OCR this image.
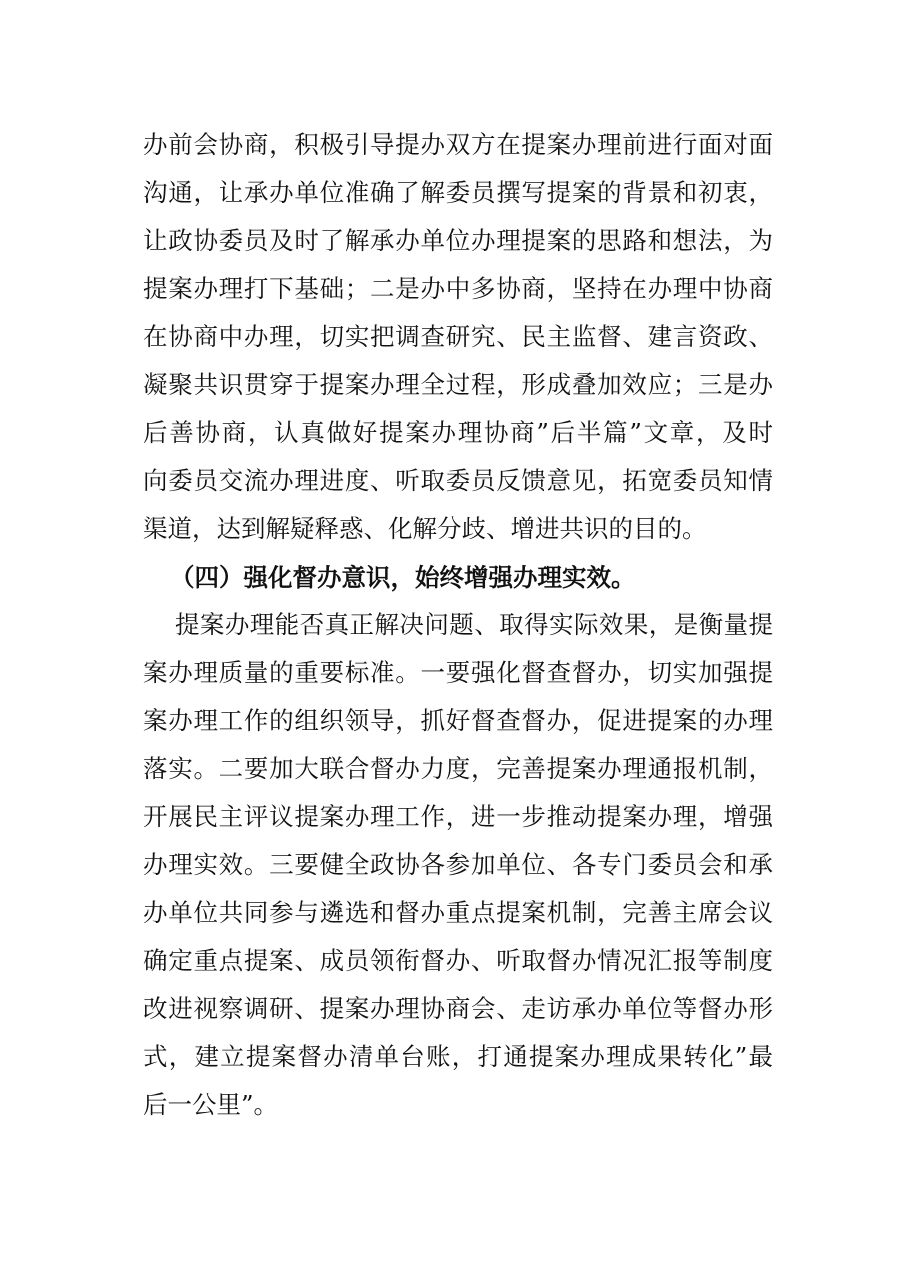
办前会协商，积极引导提办双方在提案办理前进行面对面
沟通，让承办单位准确了解委员撰写提案的背景和初衷，
让政协委员及时了解承办单位办理提案的思路和想法，为
提案办理打下基础；二是办中多协商，坚持在办理中协商
在协商中办理，切实把调查研究、民主监督、建言资政、
凝聚共识贯穿于提案办理全过程，形成叠加效应；三是办
后善协商，认真做好提案办理协商”后半篇”文章，及时
向委员交流办理进度、听取委员反馈意见，拓宽委员知情
渠道，达到解疑释惑、化解分歧、增进共识的目的。
（四）强化督办意识，始终增强办理实效。
提案办理能否真正解决问题、取得实际效果，是衡量提
案办理质量的重要标准。一要强化督查督办，切实加强提
案办理工作的组织领导，抓好督查督办，促进提案的办理
落实。二要加大联合督办力度，完善提案办理通报机制，
开展民主评议提案办理工作，进一步推动提案办理，增强
办理实效。三要健全政协各参加单位、各专门委员会和承
办单位共同参与遴选和督办重点提案机制，完善主席会议
确定重点提案、成员领衔督办、听取督办情况汇报等制度
改进视察调研、提案办理协商会、走访承办单位等督办形
式，建立提案督办清单台账，打通提案办理成果转化”最
后一公里”。
